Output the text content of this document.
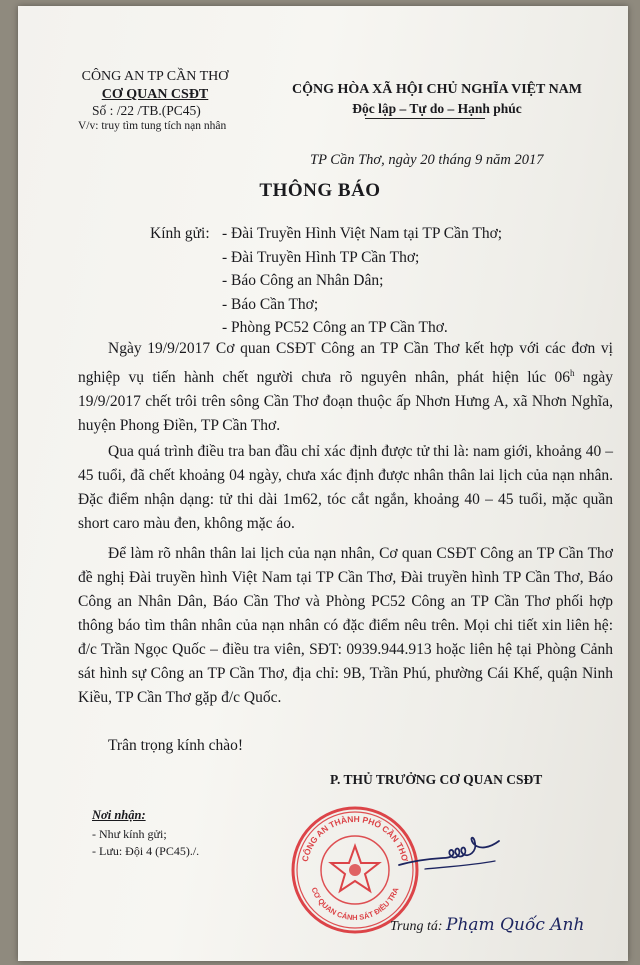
CÔNG AN TP CẦN THƠ
CƠ QUAN CSĐT
Số : /22 /TB.(PC45)
V/v: truy tìm tung tích nạn nhân
CỘNG HÒA XÃ HỘI CHỦ NGHĨA VIỆT NAM
Độc lập – Tự do – Hạnh phúc
TP Cần Thơ, ngày 20 tháng 9 năm 2017
THÔNG BÁO
Kính gửi: - Đài Truyền Hình Việt Nam tại TP Cần Thơ;
- Đài Truyền Hình TP Cần Thơ;
- Báo Công an Nhân Dân;
- Báo Cần Thơ;
- Phòng PC52 Công an TP Cần Thơ.
Ngày 19/9/2017 Cơ quan CSĐT Công an TP Cần Thơ kết hợp với các đơn vị nghiệp vụ tiến hành chết người chưa rõ nguyên nhân, phát hiện lúc 06$^h$ ngày 19/9/2017 chết trôi trên sông Cần Thơ đoạn thuộc ấp Nhơn Hưng A, xã Nhơn Nghĩa, huyện Phong Điền, TP Cần Thơ.
Qua quá trình điều tra ban đầu chỉ xác định được tử thi là: nam giới, khoảng 40 – 45 tuổi, đã chết khoảng 04 ngày, chưa xác định được nhân thân lai lịch của nạn nhân. Đặc điểm nhận dạng: tử thi dài 1m62, tóc cắt ngắn, khoảng 40 – 45 tuổi, mặc quần short caro màu đen, không mặc áo.
Để làm rõ nhân thân lai lịch của nạn nhân, Cơ quan CSĐT Công an TP Cần Thơ đề nghị Đài truyền hình Việt Nam tại TP Cần Thơ, Đài truyền hình TP Cần Thơ, Báo Công an Nhân Dân, Báo Cần Thơ và Phòng PC52 Công an TP Cần Thơ phối hợp thông báo tìm thân nhân của nạn nhân có đặc điểm nêu trên. Mọi chi tiết xin liên hệ: đ/c Trần Ngọc Quốc – điều tra viên, SĐT: 0939.944.913 hoặc liên hệ tại Phòng Cảnh sát hình sự Công an TP Cần Thơ, địa chỉ: 9B, Trần Phú, phường Cái Khế, quận Ninh Kiều, TP Cần Thơ gặp đ/c Quốc.
Trân trọng kính chào!
P. THỦ TRƯỞNG CƠ QUAN CSĐT
Nơi nhận:
- Như kính gửi;
- Lưu: Đội 4 (PC45)./.
CÔNG AN THÀNH PHỐ CẦN THƠ
CƠ QUAN CẢNH SÁT ĐIỀU TRA
Trung tá: Phạm Quốc Anh
